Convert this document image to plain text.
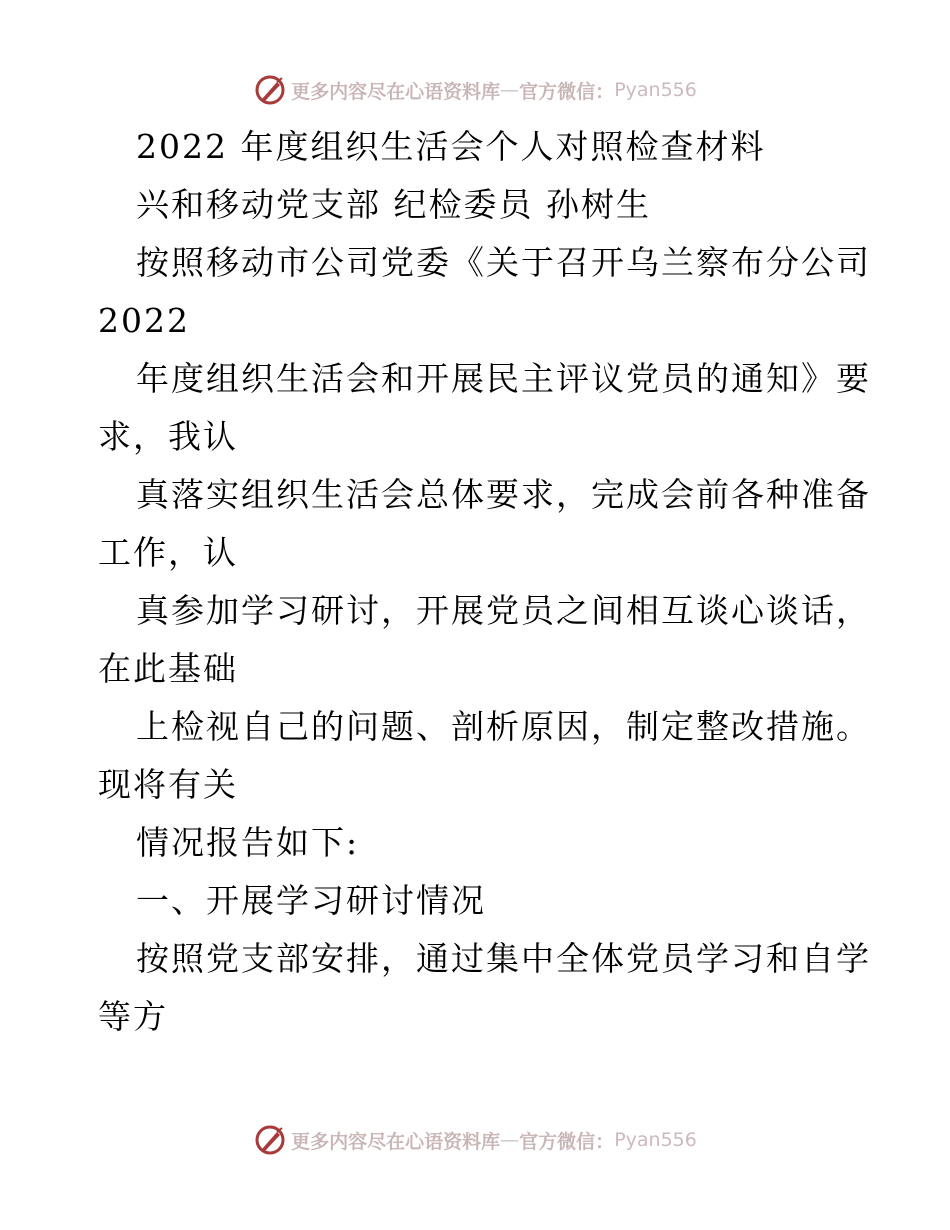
更多内容尽在心语资料库 — 官方微信： Pyan556
2022 年度组织生活会个人对照检查材料
兴和移动党支部 纪检委员 孙树生
按照移动市公司党委《关于召开乌兰察布分公司
2022
年度组织生活会和开展民主评议党员的通知》要
求，我认
真落实组织生活会总体要求，完成会前各种准备
工作，认
真参加学习研讨，开展党员之间相互谈心谈话，
在此基础
上检视自己的问题、剖析原因，制定整改措施。
现将有关
情况报告如下:
一、开展学习研讨情况
按照党支部安排，通过集中全体党员学习和自学
等方
更多内容尽在心语资料库 — 官方微信： Pyan556
